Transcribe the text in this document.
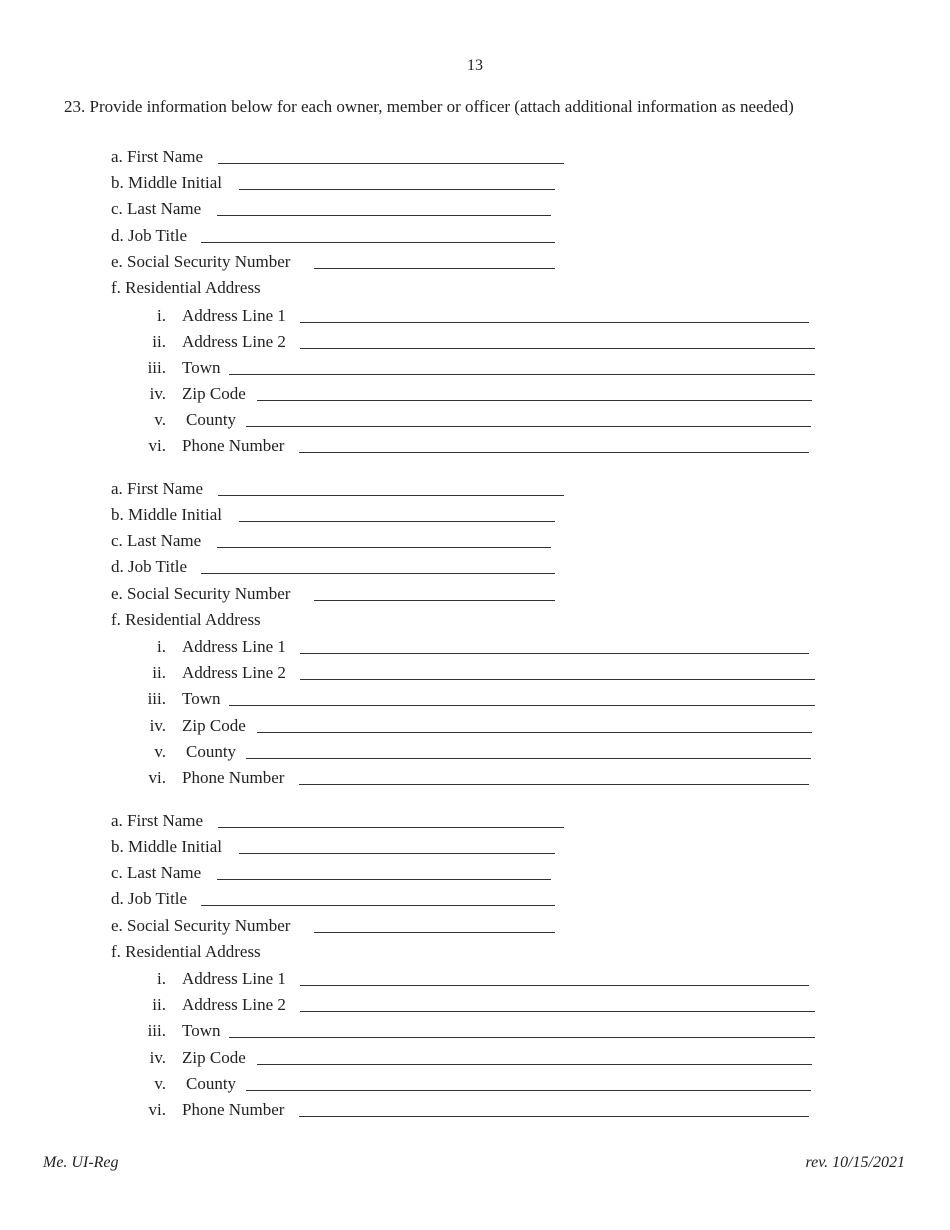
13
23. Provide information below for each owner, member or officer (attach additional information as needed)
a. First Name
b. Middle Initial
c. Last Name
d. Job Title
e. Social Security Number
f. Residential Address
i. Address Line 1
ii. Address Line 2
iii. Town
iv. Zip Code
v. County
vi. Phone Number
a. First Name
b. Middle Initial
c. Last Name
d. Job Title
e. Social Security Number
f. Residential Address
i. Address Line 1
ii. Address Line 2
iii. Town
iv. Zip Code
v. County
vi. Phone Number
a. First Name
b. Middle Initial
c. Last Name
d. Job Title
e. Social Security Number
f. Residential Address
i. Address Line 1
ii. Address Line 2
iii. Town
iv. Zip Code
v. County
vi. Phone Number
Me. UI-Reg	rev. 10/15/2021
